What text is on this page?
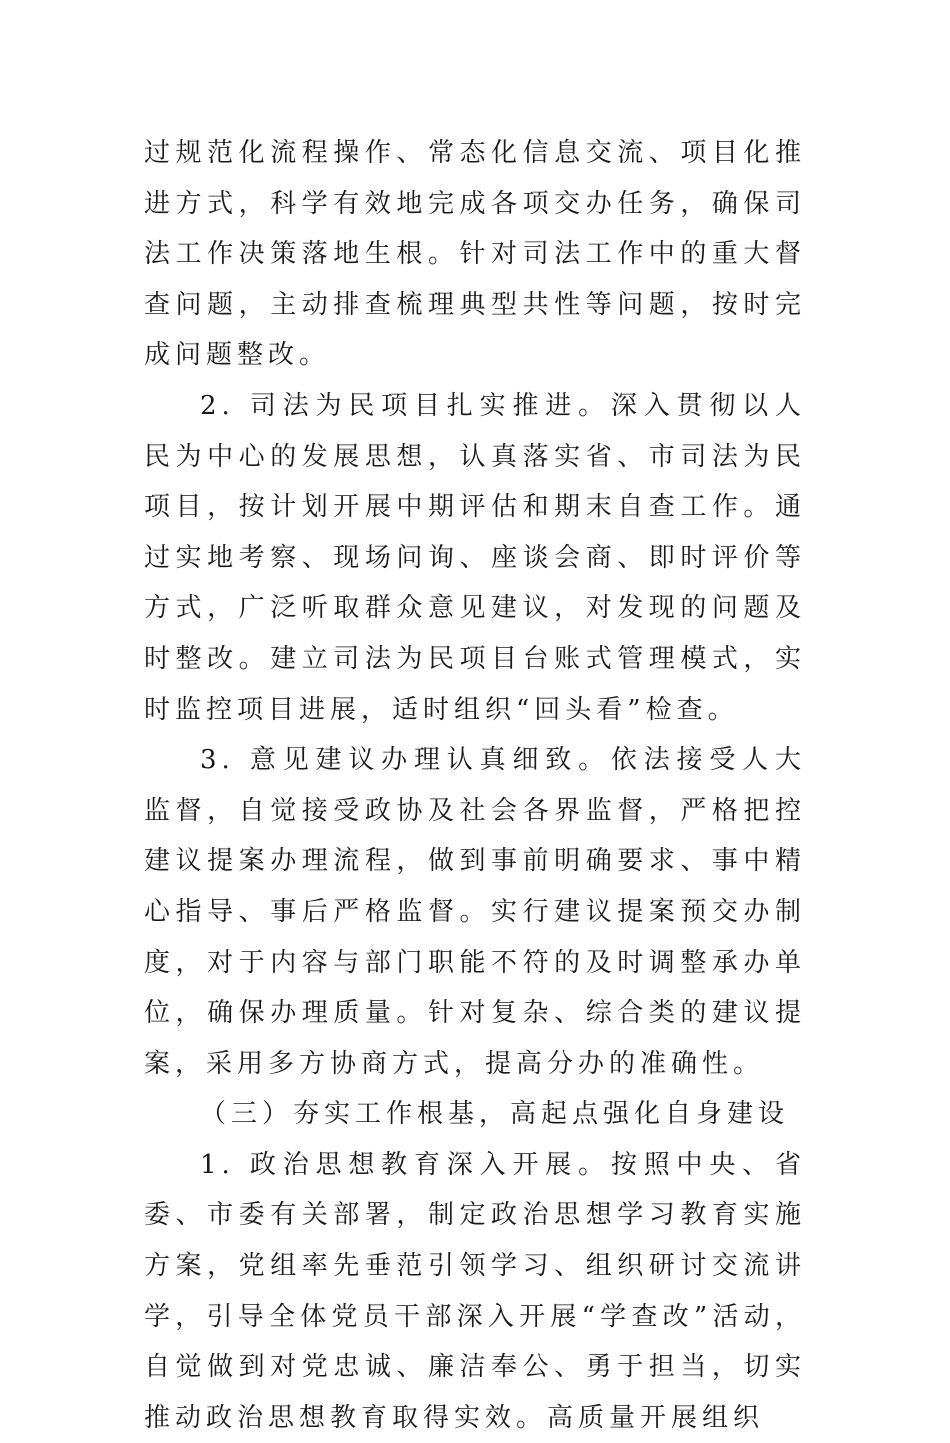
过规范化流程操作、常态化信息交流、项目化推进方式，科学有效地完成各项交办任务，确保司法工作决策落地生根。针对司法工作中的重大督查问题，主动排查梳理典型共性等问题，按时完成问题整改。

2. 司法为民项目扎实推进。深入贯彻以人民为中心的发展思想，认真落实省、市司法为民项目，按计划开展中期评估和期末自查工作。通过实地考察、现场问询、座谈会商、即时评价等方式，广泛听取群众意见建议，对发现的问题及时整改。建立司法为民项目台账式管理模式，实时监控项目进展，适时组织“回头看”检查。

3. 意见建议办理认真细致。依法接受人大监督，自觉接受政协及社会各界监督，严格把控建议提案办理流程，做到事前明确要求、事中精心指导、事后严格监督。实行建议提案预交办制度，对于内容与部门职能不符的及时调整承办单位，确保办理质量。针对复杂、综合类的建议提案，采用多方协商方式，提高分办的准确性。

（三）夯实工作根基，高起点强化自身建设

1. 政治思想教育深入开展。按照中央、省委、市委有关部署，制定政治思想学习教育实施方案，党组率先垂范引领学习、组织研讨交流讲学，引导全体党员干部深入开展“学查改”活动，自觉做到对党忠诚、廉洁奉公、勇于担当，切实推动政治思想教育取得实效。高质量开展组织
